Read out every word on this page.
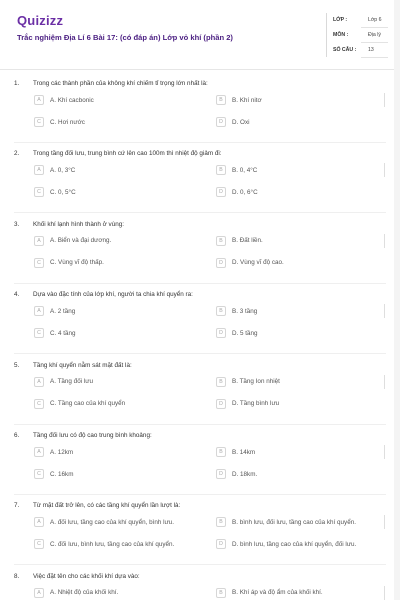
Quizizz
Trắc nghiệm Địa Lí 6 Bài 17: (có đáp án) Lớp vỏ khí (phần 2)
LỚP :	Lớp 6
MÔN :	Địa lý
SỐ CÂU : 13
1. Trong các thành phần của không khí chiếm tỉ trọng lớn nhất là:
A	A. Khí cacbonic	B	B. Khí nitơ
C	C. Hơi nước	D	D. Oxi
2. Trong tầng đối lưu, trung bình cứ lên cao 100m thì nhiệt độ giảm đi:
A	A. 0, 3°C	B	B. 0, 4°C
C	C. 0, 5°C	D	D. 0, 6°C
3. Khối khí lạnh hình thành ở vùng:
A	A. Biển và đại dương.	B	B. Đất liền.
C	C. Vùng vĩ độ thấp.	D	D. Vùng vĩ độ cao.
4. Dựa vào đặc tính của lớp khí, người ta chia khí quyển ra:
A	A. 2 tầng	B	B. 3 tầng
C	C. 4 tầng	D	D. 5 tầng
5. Tầng khí quyển nằm sát mặt đất là:
A	A. Tầng đối lưu	B	B. Tầng Ion nhiệt
C	C. Tầng cao của khí quyển	D	D. Tầng bình lưu
6. Tầng đối lưu có độ cao trung bình khoảng:
A	A. 12km	B	B. 14km
C	C. 16km	D	D. 18km.
7. Từ mặt đất trở lên, có các tầng khí quyển lần lượt là:
A	A. đối lưu, tầng cao của khí quyển, bình lưu.	B	B. bình lưu, đối lưu, tầng cao của khí quyển.
C	C. đối lưu, bình lưu, tầng cao của khí quyển.	D	D. bình lưu, tầng cao của khí quyển, đối lưu.
8. Việc đặt tên cho các khối khí dựa vào:
A	A. Nhiệt độ của khối khí.	B	B. Khí áp và độ ẩm của khối khí.
